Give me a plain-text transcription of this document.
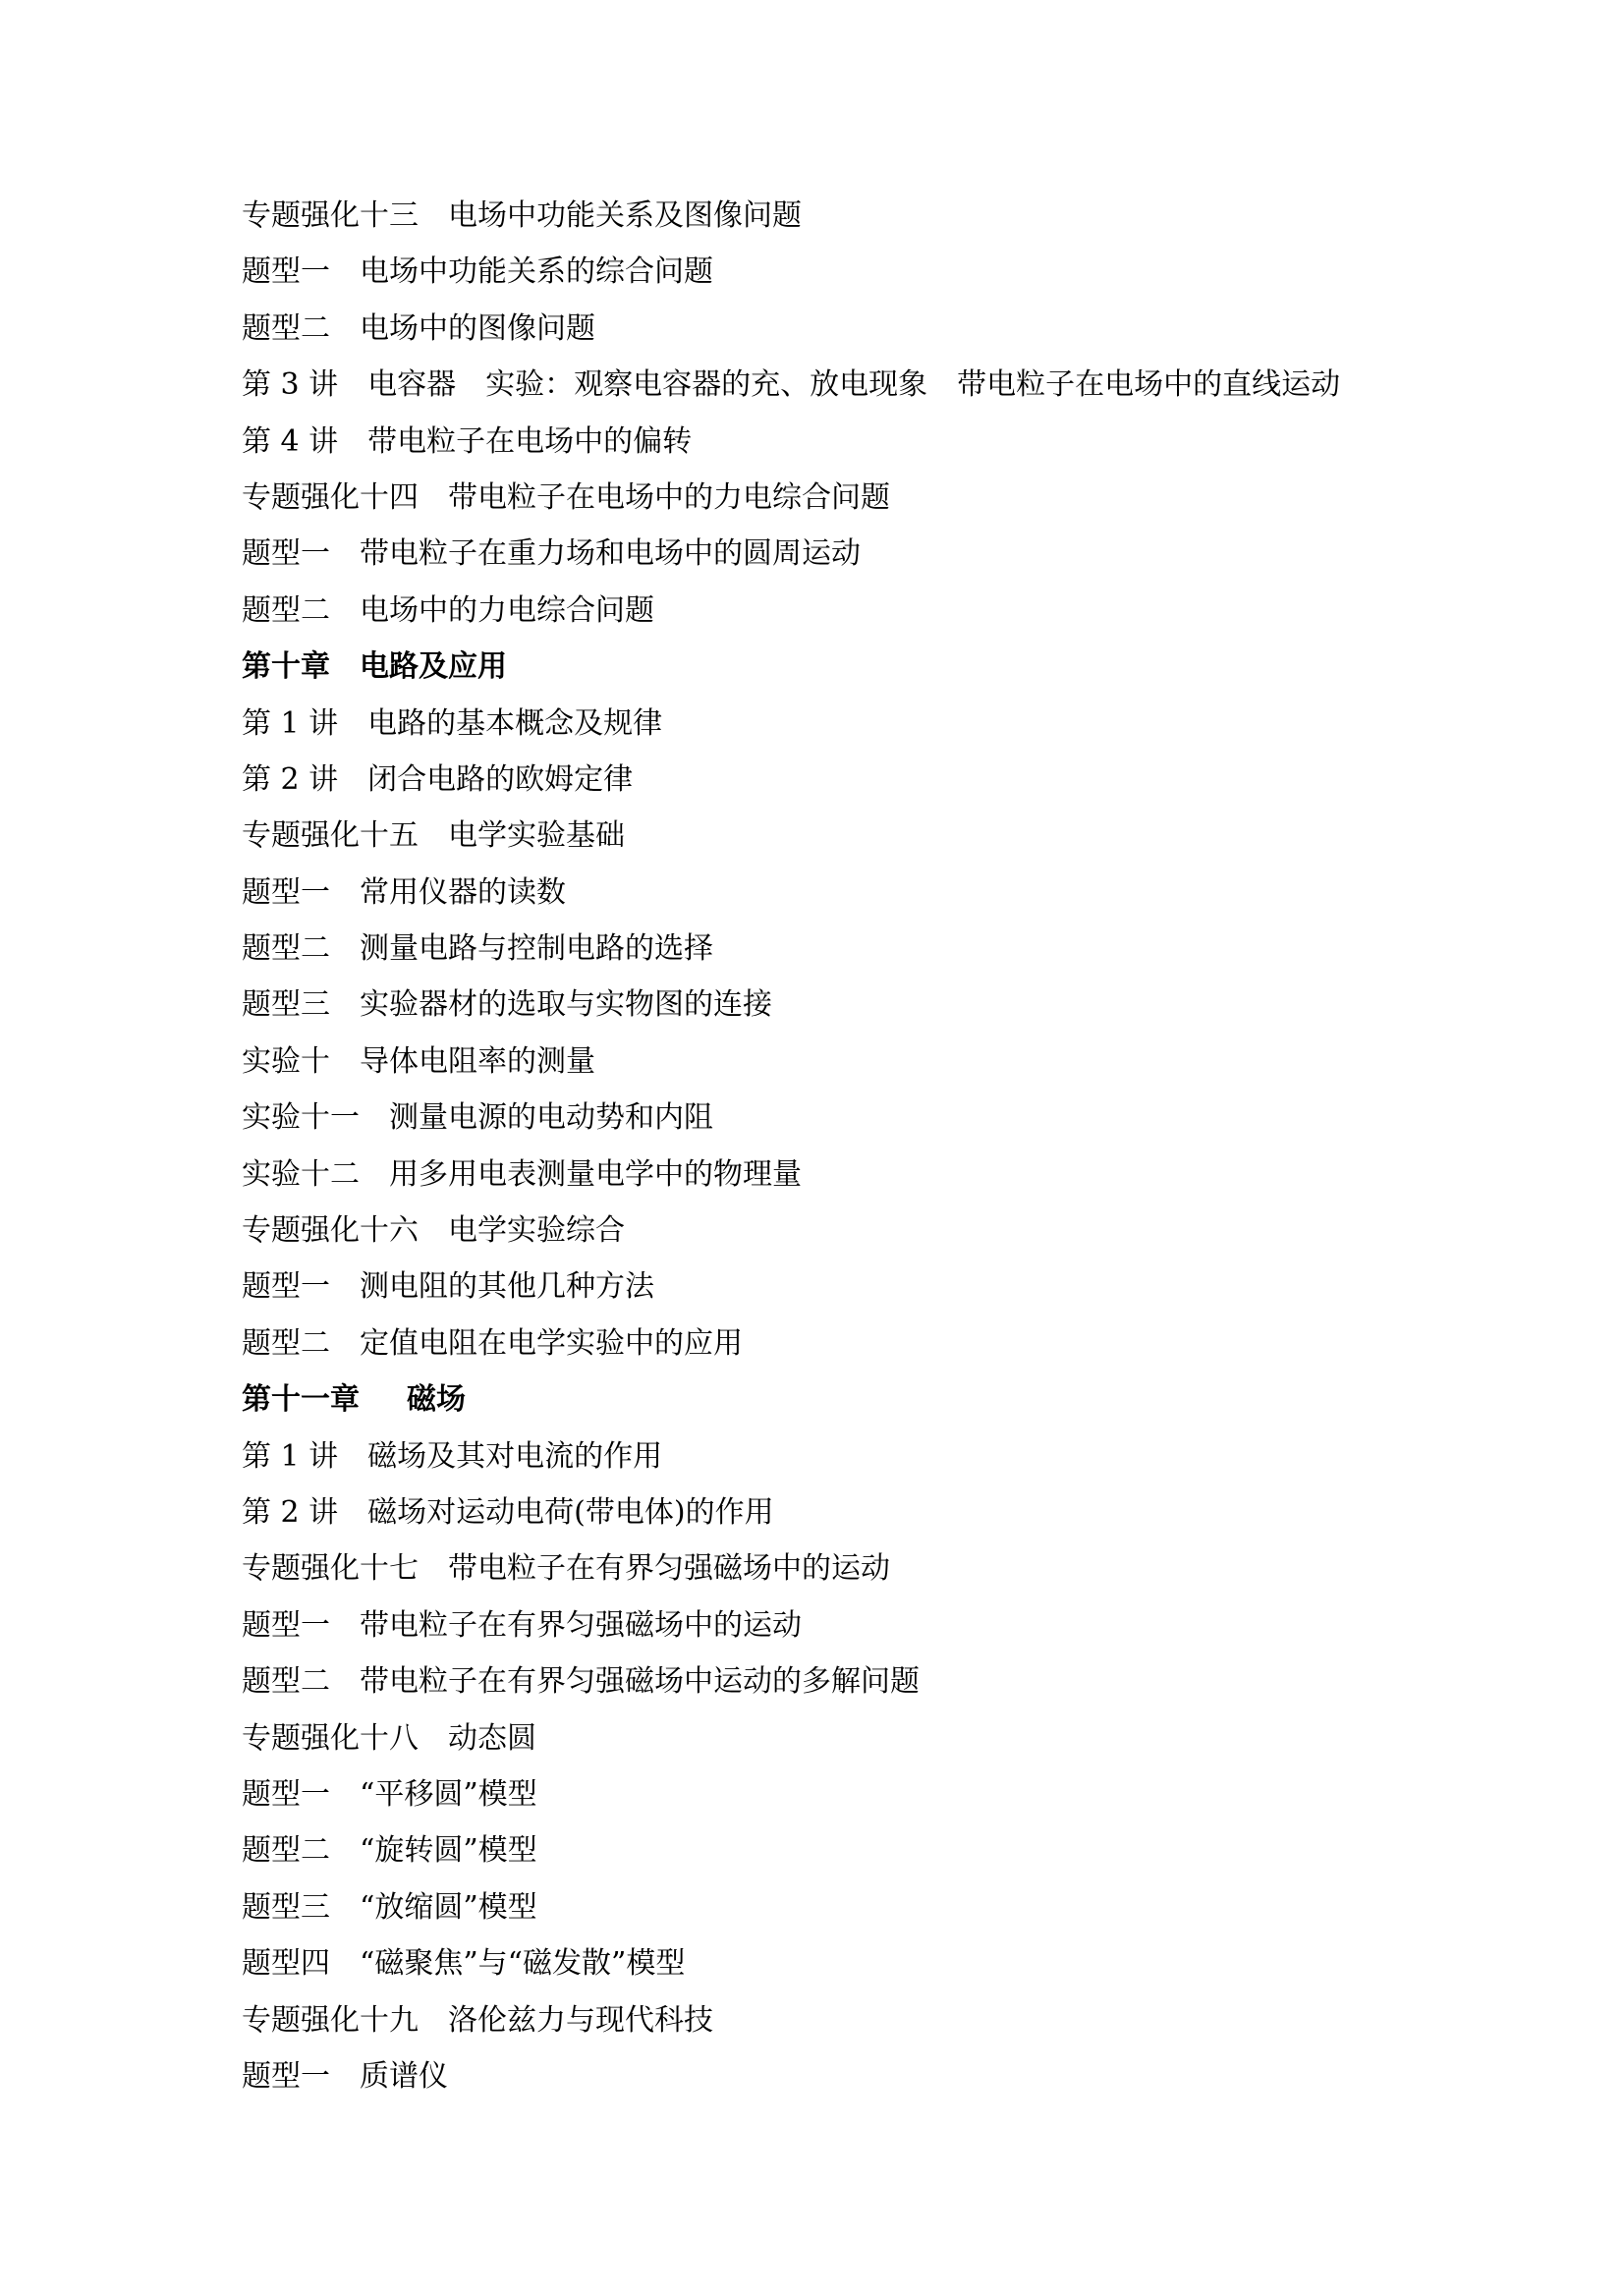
专题强化十三 电场中功能关系及图像问题
题型一 电场中功能关系的综合问题
题型二 电场中的图像问题
第 3 讲 电容器　实验：观察电容器的充、放电现象　带电粒子在电场中的直线运动
第 4 讲 带电粒子在电场中的偏转
专题强化十四 带电粒子在电场中的力电综合问题
题型一 带电粒子在重力场和电场中的圆周运动
题型二 电场中的力电综合问题
第十章 电路及应用
第 1 讲 电路的基本概念及规律
第 2 讲 闭合电路的欧姆定律
专题强化十五 电学实验基础
题型一 常用仪器的读数
题型二 测量电路与控制电路的选择
题型三 实验器材的选取与实物图的连接
实验十 导体电阻率的测量
实验十一 测量电源的电动势和内阻
实验十二 用多用电表测量电学中的物理量
专题强化十六 电学实验综合
题型一 测电阻的其他几种方法
题型二 定值电阻在电学实验中的应用
第十一章 磁场
第 1 讲 磁场及其对电流的作用
第 2 讲 磁场对运动电荷(带电体)的作用
专题强化十七 带电粒子在有界匀强磁场中的运动
题型一 带电粒子在有界匀强磁场中的运动
题型二 带电粒子在有界匀强磁场中运动的多解问题
专题强化十八 动态圆
题型一 “平移圆”模型
题型二 “旋转圆”模型
题型三 “放缩圆”模型
题型四 “磁聚焦”与“磁发散”模型
专题强化十九 洛伦兹力与现代科技
题型一 质谱仪
